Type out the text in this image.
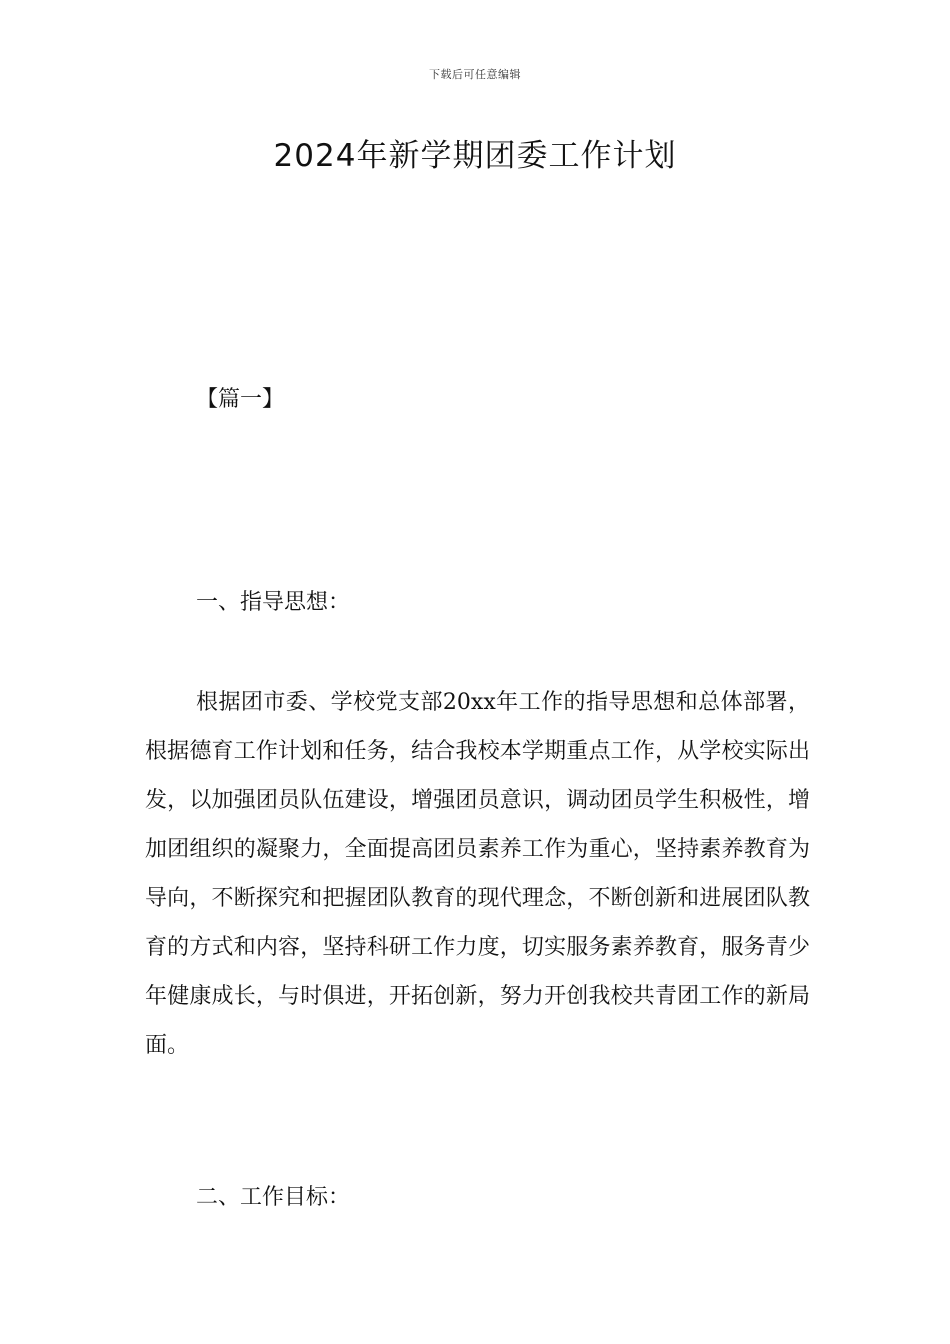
下载后可任意编辑
2024年新学期团委工作计划
【篇一】
一、指导思想：

根据团市委、学校党支部20xx年工作的指导思想和总体部署，根据德育工作计划和任务，结合我校本学期重点工作，从学校实际出发，以加强团员队伍建设，增强团员意识，调动团员学生积极性，增加团组织的凝聚力，全面提高团员素养工作为重心，坚持素养教育为导向，不断探究和把握团队教育的现代理念，不断创新和进展团队教育的方式和内容，坚持科研工作力度，切实服务素养教育，服务青少年健康成长，与时俱进，开拓创新，努力开创我校共青团工作的新局面。

二、工作目标：
